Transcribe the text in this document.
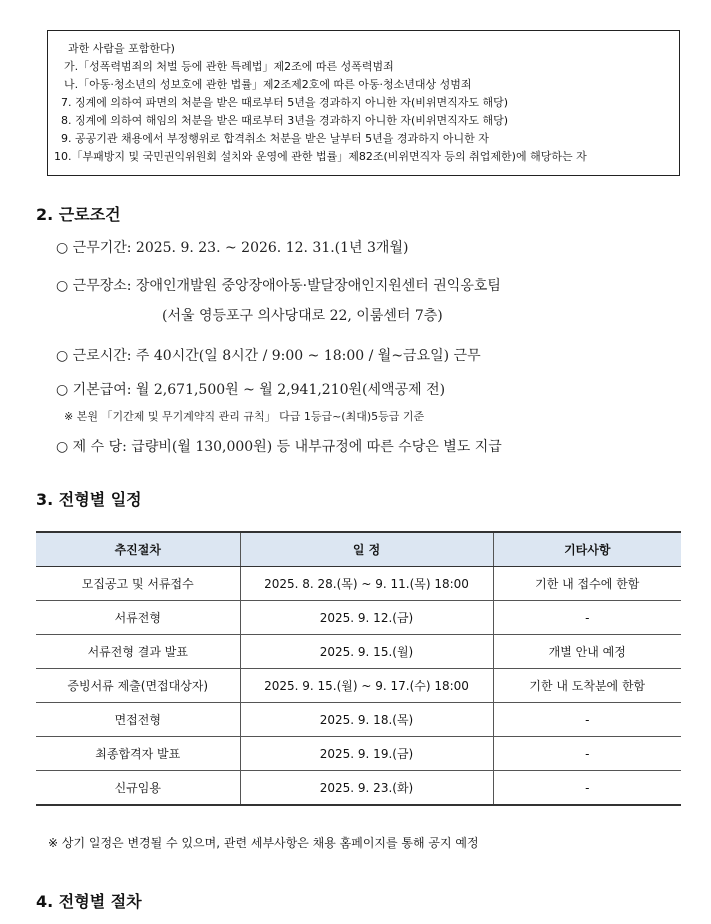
과한 사람을 포함한다)
가.「성폭력범죄의 처벌 등에 관한 특례법」제2조에 따른 성폭력범죄
나.「아동·청소년의 성보호에 관한 법률」제2조제2호에 따른 아동·청소년대상 성범죄
7. 징계에 의하여 파면의 처분을 받은 때로부터 5년을 경과하지 아니한 자(비위면직자도 해당)
8. 징계에 의하여 해임의 처분을 받은 때로부터 3년을 경과하지 아니한 자(비위면직자도 해당)
9. 공공기관 채용에서 부정행위로 합격취소 처분을 받은 날부터 5년을 경과하지 아니한 자
10.「부패방지 및 국민권익위원회 설치와 운영에 관한 법률」제82조(비위면직자 등의 취업제한)에 해당하는 자
2. 근로조건
○ 근무기간: 2025. 9. 23. ~ 2026. 12. 31.(1년 3개월)
○ 근무장소: 장애인개발원 중앙장애아동·발달장애인지원센터 권익옹호팀
(서울 영등포구 의사당대로 22, 이룸센터 7층)
○ 근로시간: 주 40시간(일 8시간 / 9:00 ~ 18:00 / 월~금요일) 근무
○ 기본급여: 월 2,671,500원 ~ 월 2,941,210원(세액공제 전)
※ 본원 「기간제 및 무기계약직 관리 규칙」 다급 1등급~(최대)5등급 기준
○ 제 수 당: 급량비(월 130,000원) 등 내부규정에 따른 수당은 별도 지급
3. 전형별 일정
추진절차	일 정	기타사항
모집공고 및 서류접수	2025. 8. 28.(목) ~ 9. 11.(목) 18:00	기한 내 접수에 한함
서류전형	2025. 9. 12.(금)	-
서류전형 결과 발표	2025. 9. 15.(월)	개별 안내 예정
증빙서류 제출(면접대상자)	2025. 9. 15.(월) ~ 9. 17.(수) 18:00	기한 내 도착분에 한함
면접전형	2025. 9. 18.(목)	-
최종합격자 발표	2025. 9. 19.(금)	-
신규임용	2025. 9. 23.(화)	-
※ 상기 일정은 변경될 수 있으며, 관련 세부사항은 채용 홈페이지를 통해 공지 예정
4. 전형별 절차
